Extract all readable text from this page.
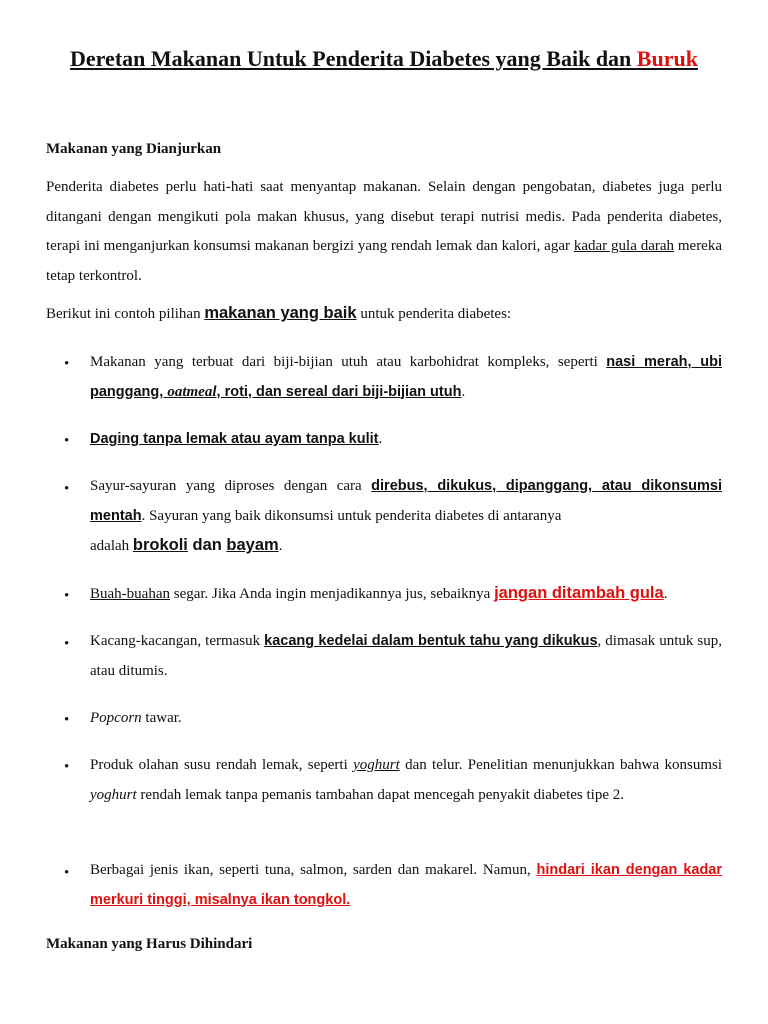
Deretan Makanan Untuk Penderita Diabetes yang Baik dan Buruk
Makanan yang Dianjurkan

Penderita diabetes perlu hati-hati saat menyantap makanan. Selain dengan pengobatan, diabetes juga perlu ditangani dengan mengikuti pola makan khusus, yang disebut terapi nutrisi medis. Pada penderita diabetes, terapi ini menganjurkan konsumsi makanan bergizi yang rendah lemak dan kalori, agar kadar gula darah mereka tetap terkontrol.

Berikut ini contoh pilihan makanan yang baik untuk penderita diabetes:

• Makanan yang terbuat dari biji-bijian utuh atau karbohidrat kompleks, seperti nasi merah, ubi panggang, oatmeal, roti, dan sereal dari biji-bijian utuh.

• Daging tanpa lemak atau ayam tanpa kulit.

• Sayur-sayuran yang diproses dengan cara direbus, dikukus, dipanggang, atau dikonsumsi mentah. Sayuran yang baik dikonsumsi untuk penderita diabetes di antaranya
adalah brokoli dan bayam.

• Buah-buahan segar. Jika Anda ingin menjadikannya jus, sebaiknya jangan ditambah gula.

• Kacang-kacangan, termasuk kacang kedelai dalam bentuk tahu yang dikukus, dimasak untuk sup, atau ditumis.

• Popcorn tawar.

• Produk olahan susu rendah lemak, seperti yoghurt dan telur. Penelitian menunjukkan bahwa konsumsi yoghurt rendah lemak tanpa pemanis tambahan dapat mencegah penyakit diabetes tipe 2.

• Berbagai jenis ikan, seperti tuna, salmon, sarden dan makarel. Namun, hindari ikan dengan kadar merkuri tinggi, misalnya ikan tongkol.

Makanan yang Harus Dihindari
